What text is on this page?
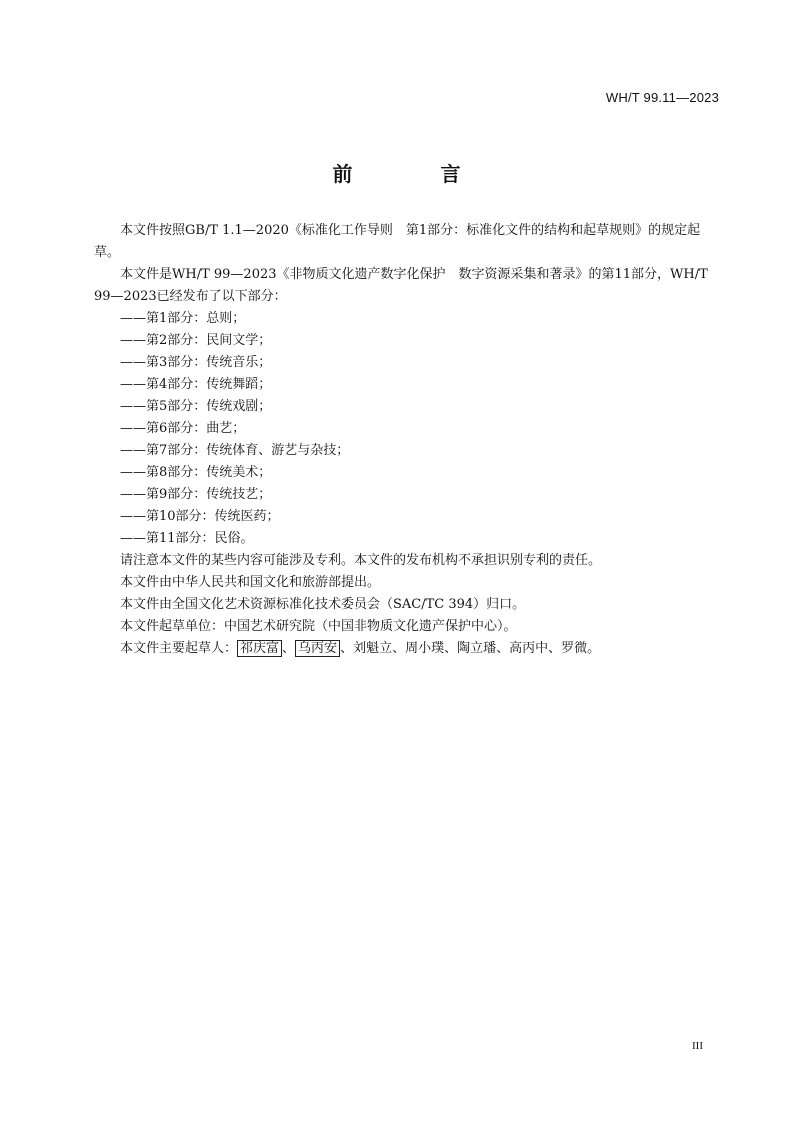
WH/T 99.11—2023
前　言

本文件按照GB/T 1.1—2020《标准化工作导则　第1部分：标准化文件的结构和起草规则》的规定起草。

本文件是WH/T 99—2023《非物质文化遗产数字化保护　数字资源采集和著录》的第11部分，WH/T 99—2023已经发布了以下部分：

——第1部分：总则；
——第2部分：民间文学；
——第3部分：传统音乐；
——第4部分：传统舞蹈；
——第5部分：传统戏剧；
——第6部分：曲艺；
——第7部分：传统体育、游艺与杂技；
——第8部分：传统美术；
——第9部分：传统技艺；
——第10部分：传统医药；
——第11部分：民俗。

请注意本文件的某些内容可能涉及专利。本文件的发布机构不承担识别专利的责任。

本文件由中华人民共和国文化和旅游部提出。

本文件由全国文化艺术资源标准化技术委员会（SAC/TC 394）归口。

本文件起草单位：中国艺术研究院（中国非物质文化遗产保护中心）。

本文件主要起草人： 祁庆富 、 乌丙安 、刘魁立、周小璞、陶立璠、高丙中、罗微。

III
